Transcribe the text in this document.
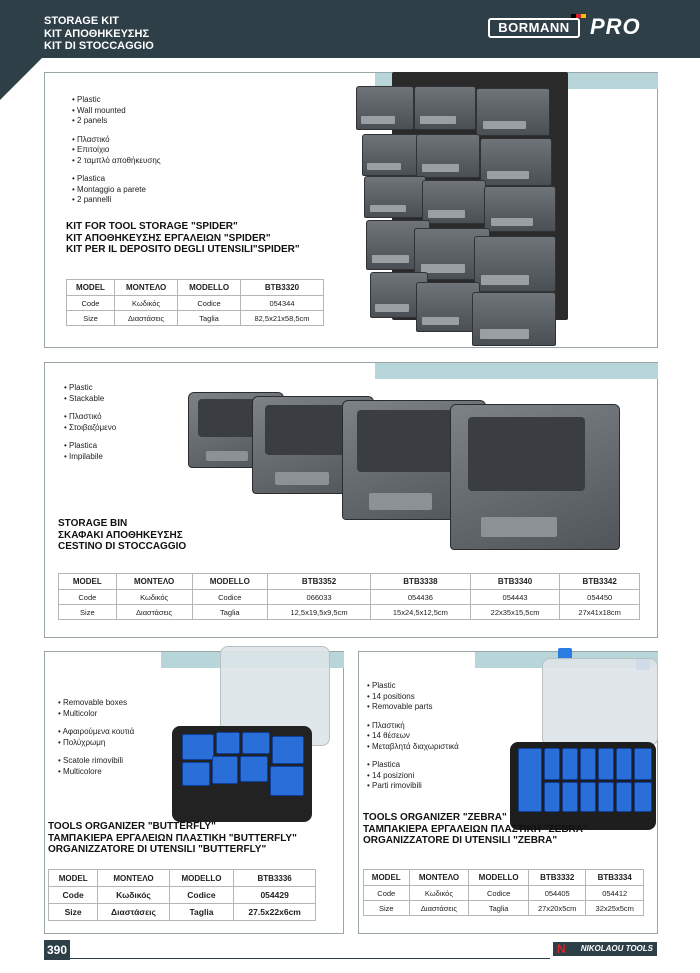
STORAGE KIT
ΚΙΤ ΑΠΟΘΗΚΕΥΣΗΣ
KIT DI STOCCAGGIO
BORMANN PRO
• Plastic
• Wall mounted
• 2 panels
• Πλαστικό
• Επιτοίχιο
• 2 ταμπλό αποθήκευσης
• Plastica
• Montaggio a parete
• 2 pannelli
KIT FOR TOOL STORAGE "SPIDER"
ΚΙΤ ΑΠΟΘΗΚΕΥΣΗΣ ΕΡΓΑΛΕΙΩΝ "SPIDER"
KIT PER IL DEPOSITO DEGLI UTENSILI"SPIDER"
MODEL	ΜΟΝΤΕΛΟ	MODELLO	BTB3320
Code	Κωδικός	Codice	054344
Size	Διαστάσεις	Taglia	82,5x21x58,5cm
• Plastic
• Stackable
• Πλαστικό
• Στοιβαζόμενο
• Plastica
• Impilabile
STORAGE BIN
ΣΚΑΦΑΚΙ ΑΠΟΘΗΚΕΥΣΗΣ
CESTINO DI STOCCAGGIO
MODEL	ΜΟΝΤΕΛΟ	MODELLO	BTB3352	BTB3338	BTB3340	BTB3342
Code	Κωδικός	Codice	066033	054436	054443	054450
Size	Διαστάσεις	Taglia	12,5x19,5x9,5cm	15x24,5x12,5cm	22x35x15,5cm	27x41x18cm
• Removable boxes
• Multicolor
• Αφαιρούμενα κουτιά
• Πολύχρωμη
• Scatole rimovibili
• Multicolore
TOOLS ORGANIZER "BUTTERFLY"
ΤΑΜΠΑΚΙΕΡΑ ΕΡΓΑΛΕΙΩΝ ΠΛΑΣΤΙΚΗ "BUTTERFLY"
ORGANIZZATORE DI UTENSILI "BUTTERFLY"
MODEL	ΜΟΝΤΕΛΟ	MODELLO	BTB3336
Code	Κωδικός	Codice	054429
Size	Διαστάσεις	Taglia	27.5x22x6cm
• Plastic
• 14 positions
• Removable parts
• Πλαστική
• 14 θέσεων
• Μεταβλητά διαχωριστικά
• Plastica
• 14 posizioni
• Parti rimovibili
TOOLS ORGANIZER "ZEBRA"
ΤΑΜΠΑΚΙΕΡΑ ΕΡΓΑΛΕΙΩΝ ΠΛΑΣΤΙΚΗ "ZEBRA"
ORGANIZZATORE DI UTENSILI "ZEBRA"
MODEL	ΜΟΝΤΕΛΟ	MODELLO	BTB3332	BTB3334
Code	Κωδικός	Codice	054405	054412
Size	Διαστάσεις	Taglia	27x20x5cm	32x25x5cm
390	NIKOLAOU TOOLS
N
